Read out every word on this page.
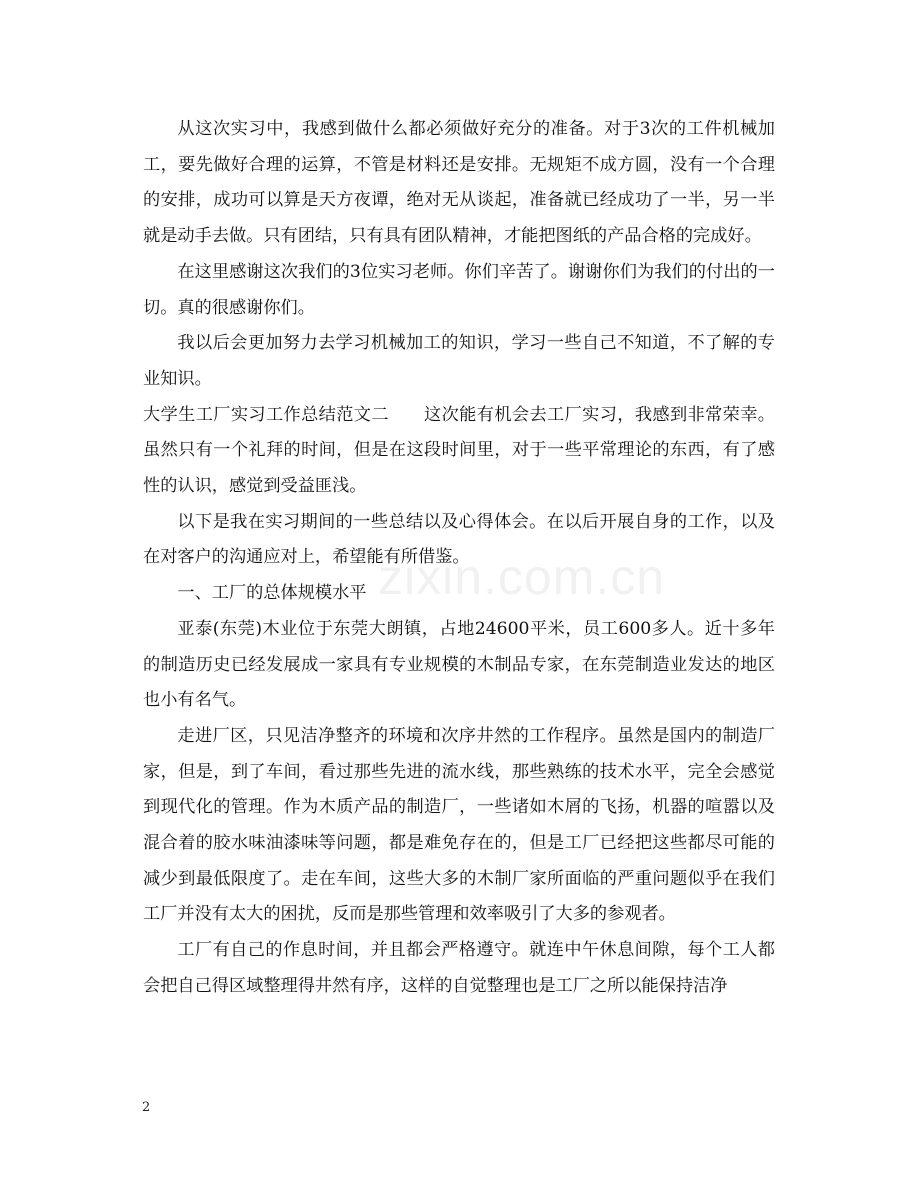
zixin.com.cn

从这次实习中，我感到做什么都必须做好充分的准备。对于3次的工件机械加工，要先做好合理的运算，不管是材料还是安排。无规矩不成方圆，没有一个合理的安排，成功可以算是天方夜谭，绝对无从谈起，准备就已经成功了一半，另一半就是动手去做。只有团结，只有具有团队精神，才能把图纸的产品合格的完成好。

在这里感谢这次我们的3位实习老师。你们辛苦了。谢谢你们为我们的付出的一切。真的很感谢你们。

我以后会更加努力去学习机械加工的知识，学习一些自己不知道，不了解的专业知识。

大学生工厂实习工作总结范文二　　这次能有机会去工厂实习，我感到非常荣幸。虽然只有一个礼拜的时间，但是在这段时间里，对于一些平常理论的东西，有了感性的认识，感觉到受益匪浅。

以下是我在实习期间的一些总结以及心得体会。在以后开展自身的工作，以及在对客户的沟通应对上，希望能有所借鉴。

一、工厂的总体规模水平

亚泰(东莞)木业位于东莞大朗镇，占地24600平米，员工600多人。近十多年的制造历史已经发展成一家具有专业规模的木制品专家，在东莞制造业发达的地区也小有名气。

走进厂区，只见洁净整齐的环境和次序井然的工作程序。虽然是国内的制造厂家，但是，到了车间，看过那些先进的流水线，那些熟练的技术水平，完全会感觉到现代化的管理。作为木质产品的制造厂，一些诸如木屑的飞扬，机器的喧嚣以及混合着的胶水味油漆味等问题，都是难免存在的，但是工厂已经把这些都尽可能的减少到最低限度了。走在车间，这些大多的木制厂家所面临的严重问题似乎在我们工厂并没有太大的困扰，反而是那些管理和效率吸引了大多的参观者。

工厂有自己的作息时间，并且都会严格遵守。就连中午休息间隙，每个工人都会把自己得区域整理得井然有序，这样的自觉整理也是工厂之所以能保持洁净

2
